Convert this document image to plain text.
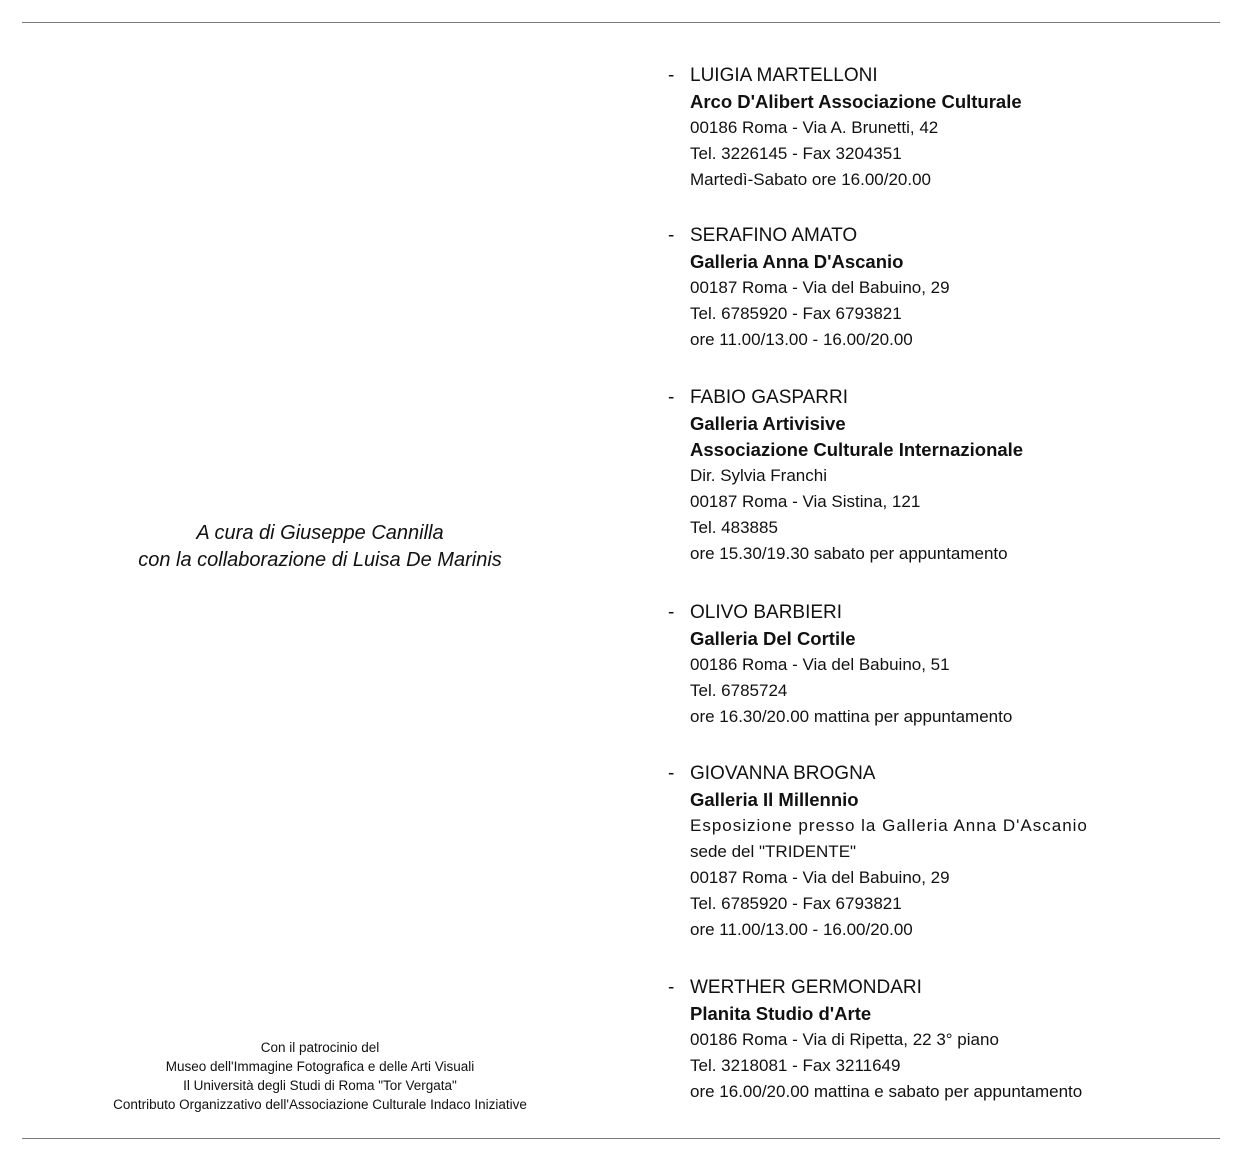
A cura di Giuseppe Cannilla
con la collaborazione di Luisa De Marinis
Con il patrocinio del
Museo dell'Immagine Fotografica e delle Arti Visuali
Il Università degli Studi di Roma "Tor Vergata"
Contributo Organizzativo dell'Associazione Culturale Indaco Iniziative
- LUIGIA MARTELLONI
Arco D'Alibert Associazione Culturale
00186 Roma - Via A. Brunetti, 42
Tel. 3226145 - Fax 3204351
Martedì-Sabato ore 16.00/20.00
- SERAFINO AMATO
Galleria Anna D'Ascanio
00187 Roma - Via del Babuino, 29
Tel. 6785920 - Fax 6793821
ore 11.00/13.00 - 16.00/20.00
- FABIO GASPARRI
Galleria Artivisive
Associazione Culturale Internazionale
Dir. Sylvia Franchi
00187 Roma - Via Sistina, 121
Tel. 483885
ore 15.30/19.30 sabato per appuntamento
- OLIVO BARBIERI
Galleria Del Cortile
00186 Roma - Via del Babuino, 51
Tel. 6785724
ore 16.30/20.00 mattina per appuntamento
- GIOVANNA BROGNA
Galleria Il Millennio
Esposizione presso la Galleria Anna D'Ascanio
sede del "TRIDENTE"
00187 Roma - Via del Babuino, 29
Tel. 6785920 - Fax 6793821
ore 11.00/13.00 - 16.00/20.00
- WERTHER GERMONDARI
Planita Studio d'Arte
00186 Roma - Via di Ripetta, 22 3° piano
Tel. 3218081 - Fax 3211649
ore 16.00/20.00 mattina e sabato per appuntamento
